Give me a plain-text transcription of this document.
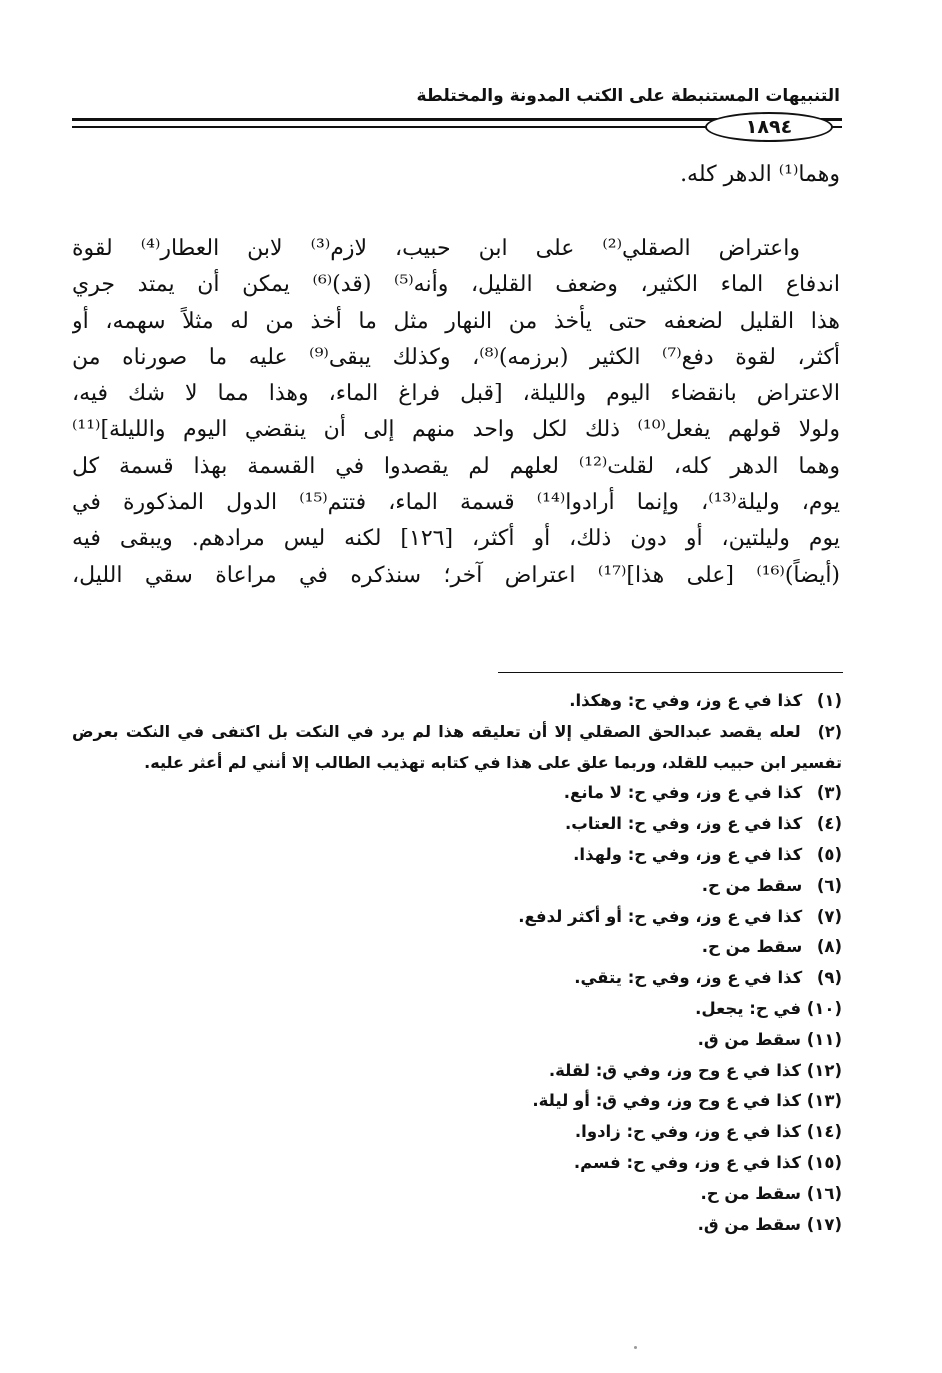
التنبيهات المستنبطة على الكتب المدونة والمختلطة
١٨٩٤
وهما⁽¹⁾ الدهر كله.
واعتراض الصقلي⁽²⁾ على ابن حبيب، لازم⁽³⁾ لابن العطار⁽⁴⁾ لقوة
اندفاع الماء الكثير، وضعف القليل، وأنه⁽⁵⁾ (قد)⁽⁶⁾ يمكن أن يمتد جري
هذا القليل لضعفه حتى يأخذ من النهار مثل ما أخذ من له مثلاً سهمه، أو
أكثر، لقوة دفع⁽⁷⁾ الكثير (برزمه)⁽⁸⁾، وكذلك يبقى⁽⁹⁾ عليه ما صورناه من
الاعتراض بانقضاء اليوم والليلة، [قبل فراغ الماء، وهذا مما لا شك فيه،
ولولا قولهم يفعل⁽¹⁰⁾ ذلك لكل واحد منهم إلى أن ينقضي اليوم والليلة]⁽¹¹⁾
وهما الدهر كله، لقلت⁽¹²⁾ لعلهم لم يقصدوا في القسمة بهذا قسمة كل
يوم، وليلة⁽¹³⁾، وإنما أرادوا⁽¹⁴⁾ قسمة الماء، فتتم⁽¹⁵⁾ الدول المذكورة في
يوم وليلتين، أو دون ذلك، أو أكثر، [١٢٦] لكنه ليس مرادهم. ويبقى فيه
(أيضاً)⁽¹⁶⁾ [على هذا]⁽¹⁷⁾ اعتراض آخر؛ سنذكره في مراعاة سقي الليل،
(١) كذا في ع وز، وفي ح: وهكذا.
(٢) لعله يقصد عبدالحق الصقلي إلا أن تعليقه هذا لم يرد في النكت بل اكتفى في النكت بعرض تفسير ابن حبيب للقلد، وربما علق على هذا في كتابه تهذيب الطالب إلا أنني لم أعثر عليه.
(٣) كذا في ع وز، وفي ح: لا مانع.
(٤) كذا في ع وز، وفي ح: العتاب.
(٥) كذا في ع وز، وفي ح: ولهذا.
(٦) سقط من ح.
(٧) كذا في ع وز، وفي ح: أو أكثر لدفع.
(٨) سقط من ح.
(٩) كذا في ع وز، وفي ح: يتقي.
(١٠) في ح: يجعل.
(١١) سقط من ق.
(١٢) كذا في ع وح وز، وفي ق: لقلة.
(١٣) كذا في ع وح وز، وفي ق: أو ليلة.
(١٤) كذا في ع وز، وفي ح: زادوا.
(١٥) كذا في ع وز، وفي ح: فسم.
(١٦) سقط من ح.
(١٧) سقط من ق.
